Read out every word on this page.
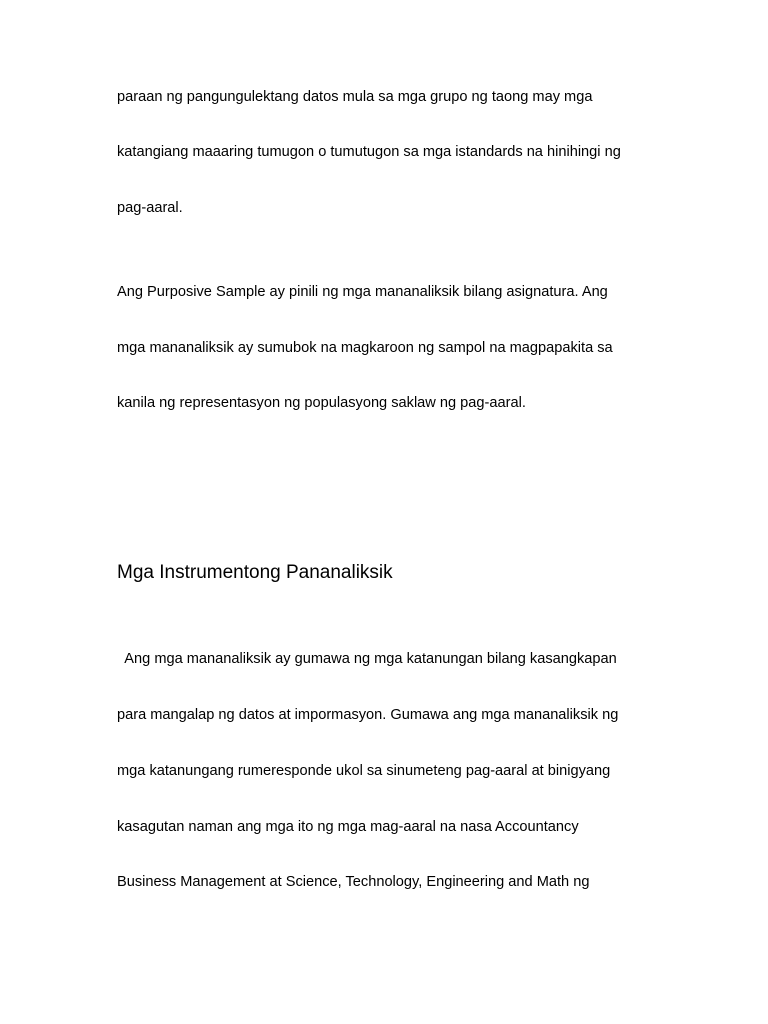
paraan ng pangungulektang datos mula sa mga grupo ng taong may mga
katangiang maaaring tumugon o tumutugon sa mga istandards na hinihingi ng
pag-aaral.
Ang Purposive Sample ay pinili ng mga mananaliksik bilang asignatura. Ang
mga mananaliksik ay sumubok na magkaroon ng sampol na magpapakita sa
kanila ng representasyon ng populasyong saklaw ng pag-aaral.
Mga Instrumentong Pananaliksik
Ang mga mananaliksik ay gumawa ng mga katanungan bilang kasangkapan
para mangalap ng datos at impormasyon. Gumawa ang mga mananaliksik ng
mga katanungang rumeresponde ukol sa sinumeteng pag-aaral at binigyang
kasagutan naman ang mga ito ng mga mag-aaral na nasa Accountancy
Business Management at Science, Technology, Engineering and Math ng
